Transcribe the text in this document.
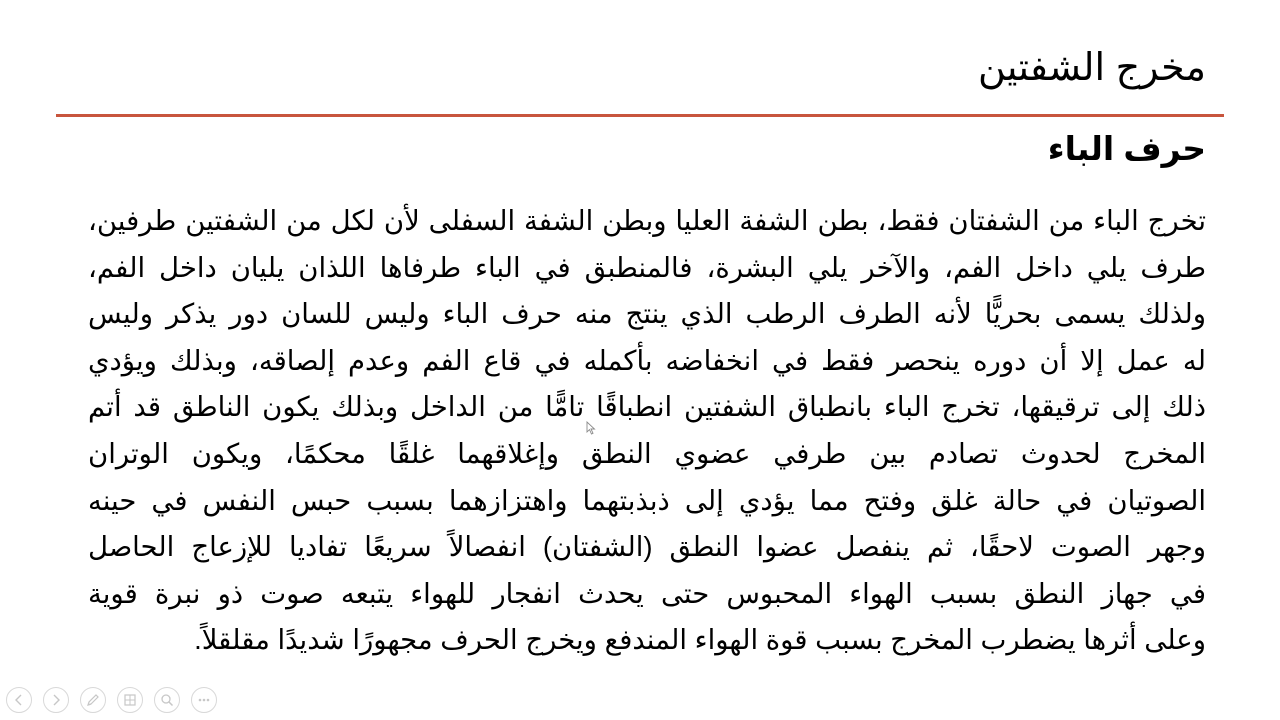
مخرج الشفتين
حرف الباء
تخرج الباء من الشفتان فقط، بطن الشفة العليا وبطن الشفة السفلى لأن لكل من الشفتين طرفين،
طرف يلي داخل الفم، والآخر يلي البشرة، فالمنطبق في الباء طرفاها اللذان يليان داخل الفم،
ولذلك يسمى بحريًّا لأنه الطرف الرطب الذي ينتج منه حرف الباء وليس للسان دور يذكر وليس
له عمل إلا أن دوره ينحصر فقط في انخفاضه بأكمله في قاع الفم وعدم إلصاقه، وبذلك ويؤدي
ذلك إلى ترقيقها، تخرج الباء بانطباق الشفتين انطباقًا تامًّا من الداخل وبذلك يكون الناطق قد أتم
المخرج لحدوث تصادم بين طرفي عضوي النطق وإغلاقهما غلقًا محكمًا، ويكون الوتران
الصوتيان في حالة غلق وفتح مما يؤدي إلى ذبذبتهما واهتزازهما بسبب حبس النفس في حينه
وجهر الصوت لاحقًا، ثم ينفصل عضوا النطق (الشفتان) انفصالاً سريعًا تفاديا للإزعاج الحاصل
في جهاز النطق بسبب الهواء المحبوس حتى يحدث انفجار للهواء يتبعه صوت ذو نبرة قوية
وعلى أثرها يضطرب المخرج بسبب قوة الهواء المندفع ويخرج الحرف مجهورًا شديدًا مقلقلاً.
